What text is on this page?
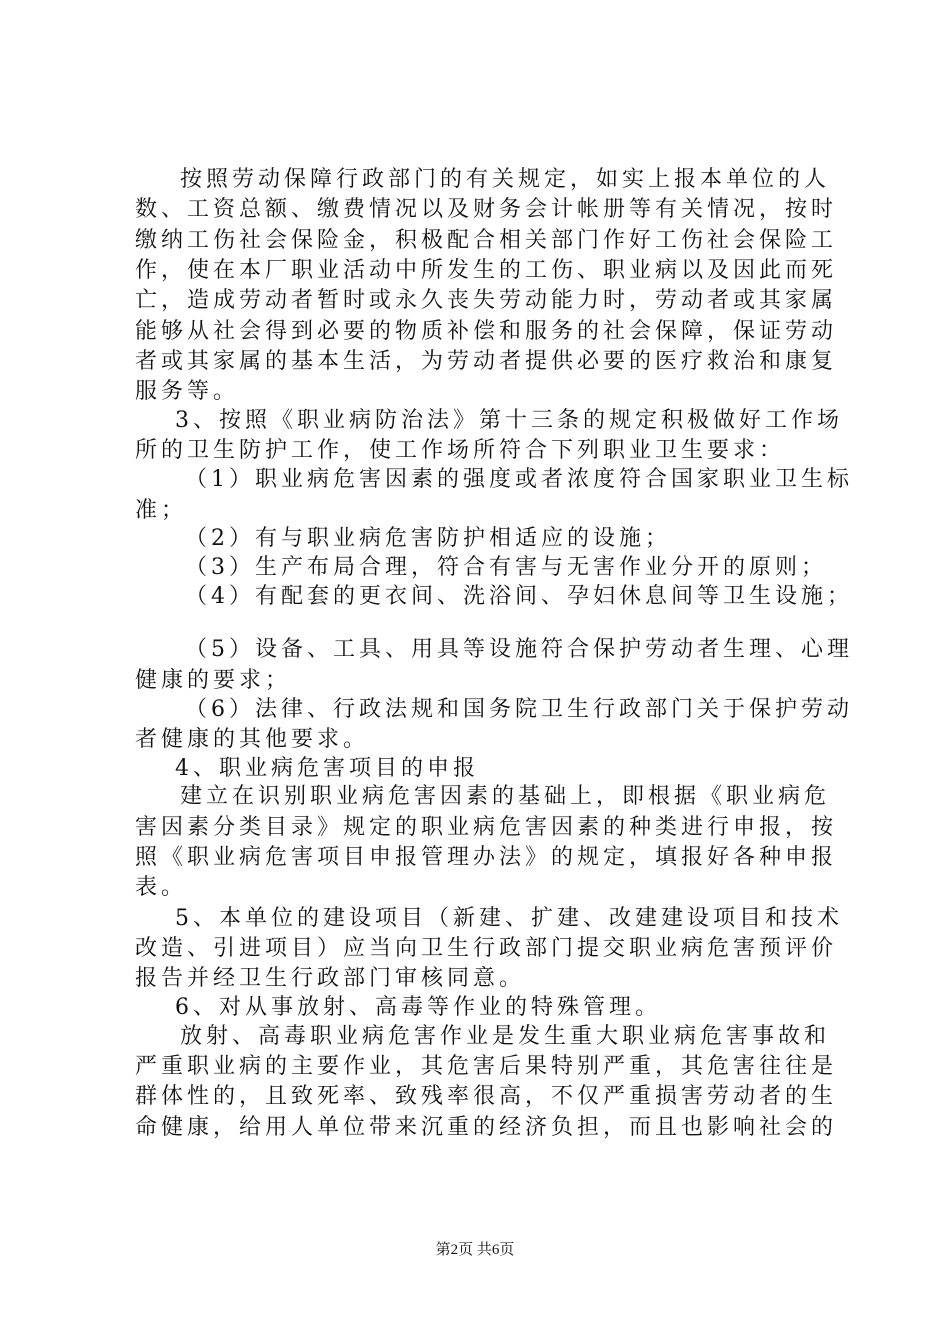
按照劳动保障行政部门的有关规定，如实上报本单位的人
数、工资总额、缴费情况以及财务会计帐册等有关情况，按时
缴纳工伤社会保险金，积极配合相关部门作好工伤社会保险工
作，使在本厂职业活动中所发生的工伤、职业病以及因此而死
亡，造成劳动者暂时或永久丧失劳动能力时，劳动者或其家属
能够从社会得到必要的物质补偿和服务的社会保障，保证劳动
者或其家属的基本生活，为劳动者提供必要的医疗救治和康复
服务等。
3、按照《职业病防治法》第十三条的规定积极做好工作场
所的卫生防护工作，使工作场所符合下列职业卫生要求：
（1）职业病危害因素的强度或者浓度符合国家职业卫生标
准；
（2）有与职业病危害防护相适应的设施；
（3）生产布局合理，符合有害与无害作业分开的原则；
（4）有配套的更衣间、洗浴间、孕妇休息间等卫生设施；
（5）设备、工具、用具等设施符合保护劳动者生理、心理
健康的要求；
（6）法律、行政法规和国务院卫生行政部门关于保护劳动
者健康的其他要求。
4、职业病危害项目的申报
建立在识别职业病危害因素的基础上，即根据《职业病危
害因素分类目录》规定的职业病危害因素的种类进行申报，按
照《职业病危害项目申报管理办法》的规定，填报好各种申报
表。
5、本单位的建设项目（新建、扩建、改建建设项目和技术
改造、引进项目）应当向卫生行政部门提交职业病危害预评价
报告并经卫生行政部门审核同意。
6、对从事放射、高毒等作业的特殊管理。
放射、高毒职业病危害作业是发生重大职业病危害事故和
严重职业病的主要作业，其危害后果特别严重，其危害往往是
群体性的，且致死率、致残率很高，不仅严重损害劳动者的生
命健康，给用人单位带来沉重的经济负担，而且也影响社会的
第2页 共6页
